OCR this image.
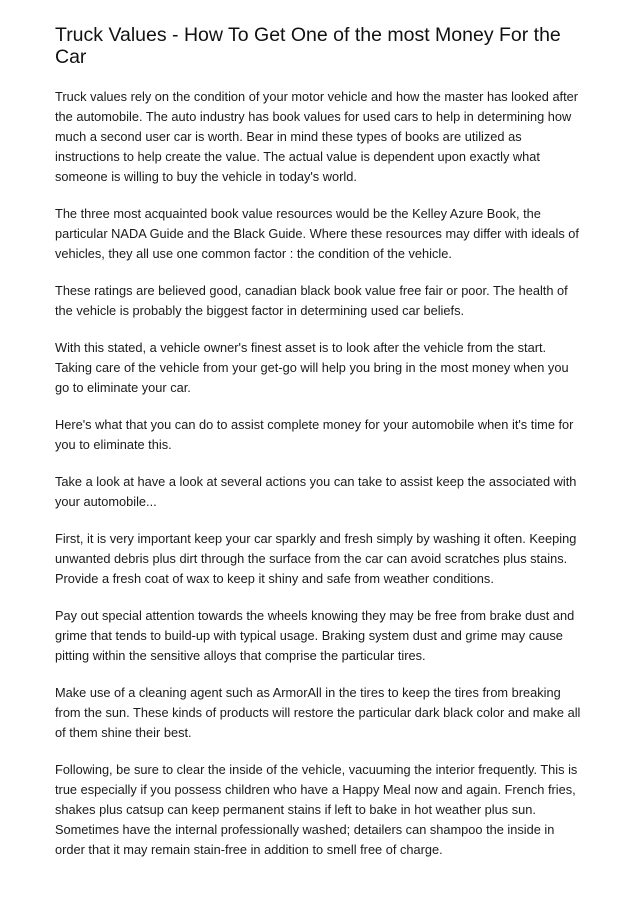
Truck Values - How To Get One of the most Money For the Car

Truck values rely on the condition of your motor vehicle and how the master has looked after the automobile. The auto industry has book values for used cars to help in determining how much a second user car is worth. Bear in mind these types of books are utilized as instructions to help create the value. The actual value is dependent upon exactly what someone is willing to buy the vehicle in today's world.

The three most acquainted book value resources would be the Kelley Azure Book, the particular NADA Guide and the Black Guide. Where these resources may differ with ideals of vehicles, they all use one common factor : the condition of the vehicle.

These ratings are believed good, canadian black book value free fair or poor. The health of the vehicle is probably the biggest factor in determining used car beliefs.

With this stated, a vehicle owner's finest asset is to look after the vehicle from the start. Taking care of the vehicle from your get-go will help you bring in the most money when you go to eliminate your car.

Here's what that you can do to assist complete money for your automobile when it's time for you to eliminate this.

Take a look at have a look at several actions you can take to assist keep the associated with your automobile...

First, it is very important keep your car sparkly and fresh simply by washing it often. Keeping unwanted debris plus dirt through the surface from the car can avoid scratches plus stains. Provide a fresh coat of wax to keep it shiny and safe from weather conditions.

Pay out special attention towards the wheels knowing they may be free from brake dust and grime that tends to build-up with typical usage. Braking system dust and grime may cause pitting within the sensitive alloys that comprise the particular tires.

Make use of a cleaning agent such as ArmorAll in the tires to keep the tires from breaking from the sun. These kinds of products will restore the particular dark black color and make all of them shine their best.

Following, be sure to clear the inside of the vehicle, vacuuming the interior frequently. This is true especially if you possess children who have a Happy Meal now and again. French fries, shakes plus catsup can keep permanent stains if left to bake in hot weather plus sun. Sometimes have the internal professionally washed; detailers can shampoo the inside in order that it may remain stain-free in addition to smell free of charge.
